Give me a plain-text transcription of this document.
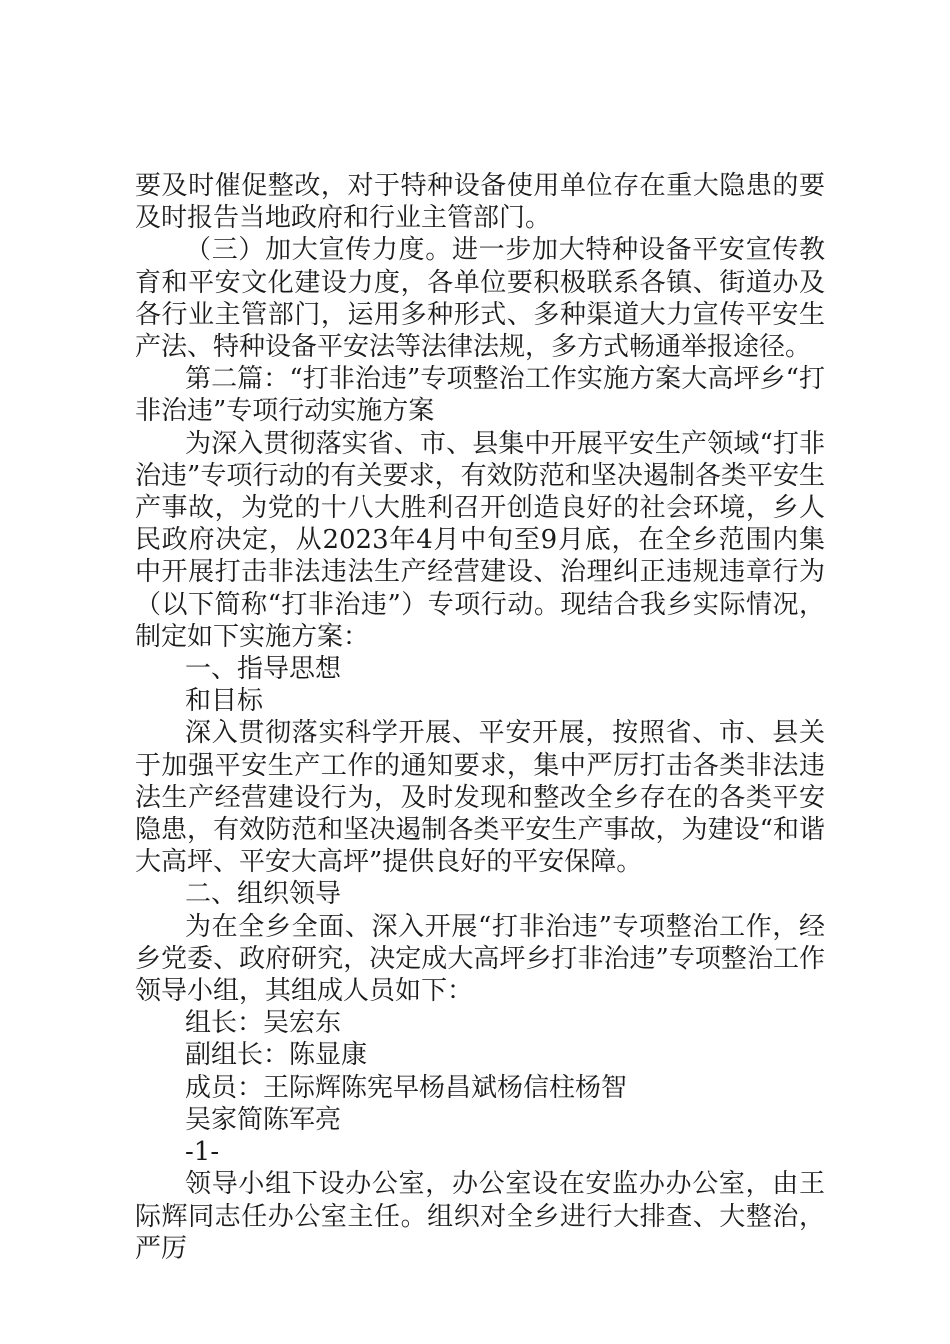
要及时催促整改，对于特种设备使用单位存在重大隐患的要及时报告当地政府和行业主管部门。

（三）加大宣传力度。进一步加大特种设备平安宣传教育和平安文化建设力度，各单位要积极联系各镇、街道办及各行业主管部门，运用多种形式、多种渠道大力宣传平安生产法、特种设备平安法等法律法规，多方式畅通举报途径。

第二篇：“打非治违”专项整治工作实施方案大高坪乡“打非治违”专项行动实施方案

为深入贯彻落实省、市、县集中开展平安生产领域“打非治违”专项行动的有关要求，有效防范和坚决遏制各类平安生产事故，为党的十八大胜利召开创造良好的社会环境，乡人民政府决定，从2023年4月中旬至9月底，在全乡范围内集中开展打击非法违法生产经营建设、治理纠正违规违章行为（以下简称“打非治违”）专项行动。现结合我乡实际情况，制定如下实施方案：

一、指导思想

和目标

深入贯彻落实科学开展、平安开展，按照省、市、县关于加强平安生产工作的通知要求，集中严厉打击各类非法违法生产经营建设行为，及时发现和整改全乡存在的各类平安隐患，有效防范和坚决遏制各类平安生产事故，为建设“和谐大高坪、平安大高坪”提供良好的平安保障。

二、组织领导

为在全乡全面、深入开展“打非治违”专项整治工作，经乡党委、政府研究，决定成大高坪乡打非治违”专项整治工作领导小组，其组成人员如下：

组长：吴宏东

副组长：陈显康

成员：王际辉陈宪早杨昌斌杨信柱杨智

吴家简陈军亮

-1-

领导小组下设办公室，办公室设在安监办办公室，由王际辉同志任办公室主任。组织对全乡进行大排查、大整治，严厉
